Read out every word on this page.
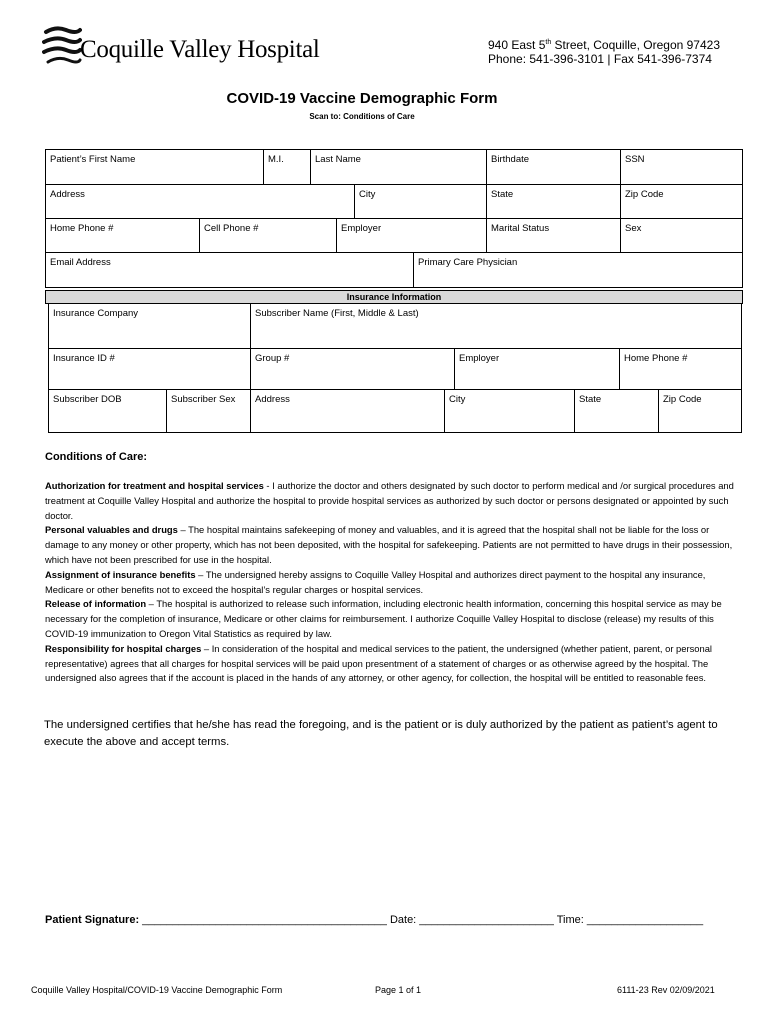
Coquille Valley Hospital	940 East 5th Street, Coquille, Oregon 97423
Phone: 541-396-3101 | Fax 541-396-7374
COVID-19 Vaccine Demographic Form
Scan to: Conditions of Care
Patient’s First Name	M.I.	Last Name	Birthdate	SSN
Address	City	State	Zip Code
Home Phone #	Cell Phone #	Employer	Marital Status	Sex
Email Address	Primary Care Physician
Insurance Information
Insurance Company	Subscriber Name (First, Middle & Last)
Insurance ID #	Group #	Employer	Home Phone #
Subscriber DOB	Subscriber Sex	Address	City	State	Zip Code
Conditions of Care:

Authorization for treatment and hospital services - I authorize the doctor and others designated by such doctor to perform medical and /or surgical procedures and treatment at Coquille Valley Hospital and authorize the hospital to provide hospital services as authorized by such doctor or persons designated or appointed by such doctor.

Personal valuables and drugs – The hospital maintains safekeeping of money and valuables, and it is agreed that the hospital shall not be liable for the loss or damage to any money or other property, which has not been deposited, with the hospital for safekeeping. Patients are not permitted to have drugs in their possession, which have not been prescribed for use in the hospital.

Assignment of insurance benefits – The undersigned hereby assigns to Coquille Valley Hospital and authorizes direct payment to the hospital any insurance, Medicare or other benefits not to exceed the hospital’s regular charges or hospital services.

Release of information – The hospital is authorized to release such information, including electronic health information, concerning this hospital service as may be necessary for the completion of insurance, Medicare or other claims for reimbursement. I authorize Coquille Valley Hospital to disclose (release) my results of this COVID-19 immunization to Oregon Vital Statistics as required by law.

Responsibility for hospital charges – In consideration of the hospital and medical services to the patient, the undersigned (whether patient, parent, or personal representative) agrees that all charges for hospital services will be paid upon presentment of a statement of charges or as otherwise agreed by the hospital. The undersigned also agrees that if the account is placed in the hands of any attorney, or other agency, for collection, the hospital will be entitled to reasonable fees.

The undersigned certifies that he/she has read the foregoing, and is the patient or is duly authorized by the patient as patient’s agent to execute the above and accept terms.
Patient Signature: ________________________________________ Date: ______________________ Time: ___________________
Coquille Valley Hospital/COVID-19 Vaccine Demographic Form	Page 1 of 1	6111-23 Rev 02/09/2021
